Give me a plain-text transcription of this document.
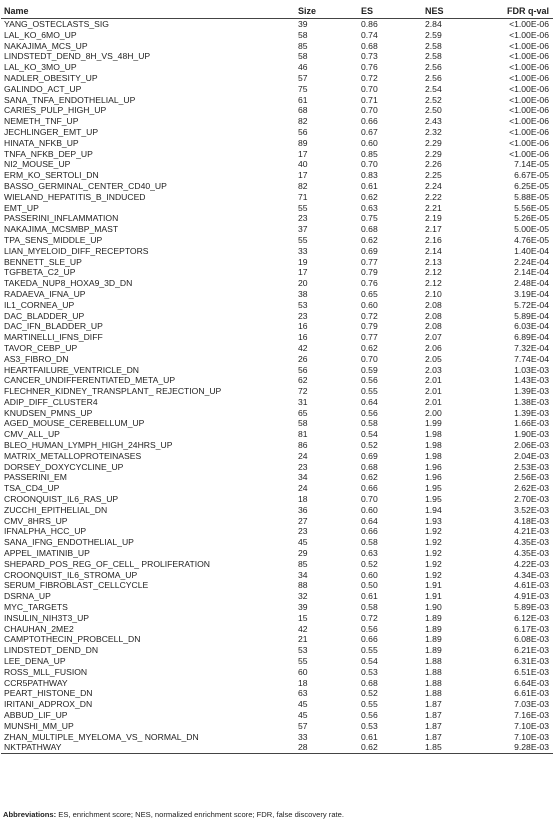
Name	Size	ES	NES	FDR q-val
YANG_OSTECLASTS_SIG	39	0.86	2.84	<1.00E-06
LAL_KO_6MO_UP	58	0.74	2.59	<1.00E-06
NAKAJIMA_MCS_UP	85	0.68	2.58	<1.00E-06
LINDSTEDT_DEND_8H_VS_48H_UP	58	0.73	2.58	<1.00E-06
LAL_KO_3MO_UP	46	0.76	2.56	<1.00E-06
NADLER_OBESITY_UP	57	0.72	2.56	<1.00E-06
GALINDO_ACT_UP	75	0.70	2.54	<1.00E-06
SANA_TNFA_ENDOTHELIAL_UP	61	0.71	2.52	<1.00E-06
CARIES_PULP_HIGH_UP	68	0.70	2.50	<1.00E-06
NEMETH_TNF_UP	82	0.66	2.43	<1.00E-06
JECHLINGER_EMT_UP	56	0.67	2.32	<1.00E-06
HINATA_NFKB_UP	89	0.60	2.29	<1.00E-06
TNFA_NFKB_DEP_UP	17	0.85	2.29	<1.00E-06
NI2_MOUSE_UP	40	0.70	2.26	7.14E-05
ERM_KO_SERTOLI_DN	17	0.83	2.25	6.67E-05
BASSO_GERMINAL_CENTER_CD40_UP	82	0.61	2.24	6.25E-05
WIELAND_HEPATITIS_B_INDUCED	71	0.62	2.22	5.88E-05
EMT_UP	55	0.63	2.21	5.56E-05
PASSERINI_INFLAMMATION	23	0.75	2.19	5.26E-05
NAKAJIMA_MCSMBP_MAST	37	0.68	2.17	5.00E-05
TPA_SENS_MIDDLE_UP	55	0.62	2.16	4.76E-05
LIAN_MYELOID_DIFF_RECEPTORS	33	0.69	2.14	1.40E-04
BENNETT_SLE_UP	19	0.77	2.13	2.24E-04
TGFBETA_C2_UP	17	0.79	2.12	2.14E-04
TAKEDA_NUP8_HOXA9_3D_DN	20	0.76	2.12	2.48E-04
RADAEVA_IFNA_UP	38	0.65	2.10	3.19E-04
IL1_CORNEA_UP	53	0.60	2.08	5.72E-04
DAC_BLADDER_UP	23	0.72	2.08	5.89E-04
DAC_IFN_BLADDER_UP	16	0.79	2.08	6.03E-04
MARTINELLI_IFNS_DIFF	16	0.77	2.07	6.89E-04
TAVOR_CEBP_UP	42	0.62	2.06	7.32E-04
AS3_FIBRO_DN	26	0.70	2.05	7.74E-04
HEARTFAILURE_VENTRICLE_DN	56	0.59	2.03	1.03E-03
CANCER_UNDIFFERENTIATED_META_UP	62	0.56	2.01	1.43E-03
FLECHNER_KIDNEY_TRANSPLANT_ REJECTION_UP	72	0.55	2.01	1.39E-03
ADIP_DIFF_CLUSTER4	31	0.64	2.01	1.38E-03
KNUDSEN_PMNS_UP	65	0.56	2.00	1.39E-03
AGED_MOUSE_CEREBELLUM_UP	58	0.58	1.99	1.66E-03
CMV_ALL_UP	81	0.54	1.98	1.90E-03
BLEO_HUMAN_LYMPH_HIGH_24HRS_UP	86	0.52	1.98	2.06E-03
MATRIX_METALLOPROTEINASES	24	0.69	1.98	2.04E-03
DORSEY_DOXYCYCLINE_UP	23	0.68	1.96	2.53E-03
PASSERINI_EM	34	0.62	1.96	2.56E-03
TSA_CD4_UP	24	0.66	1.95	2.62E-03
CROONQUIST_IL6_RAS_UP	18	0.70	1.95	2.70E-03
ZUCCHI_EPITHELIAL_DN	36	0.60	1.94	3.52E-03
CMV_8HRS_UP	27	0.64	1.93	4.18E-03
IFNALPHA_HCC_UP	23	0.66	1.92	4.21E-03
SANA_IFNG_ENDOTHELIAL_UP	45	0.58	1.92	4.35E-03
APPEL_IMATINIB_UP	29	0.63	1.92	4.35E-03
SHEPARD_POS_REG_OF_CELL_ PROLIFERATION	85	0.52	1.92	4.22E-03
CROONQUIST_IL6_STROMA_UP	34	0.60	1.92	4.34E-03
SERUM_FIBROBLAST_CELLCYCLE	88	0.50	1.91	4.61E-03
DSRNA_UP	32	0.61	1.91	4.91E-03
MYC_TARGETS	39	0.58	1.90	5.89E-03
INSULIN_NIH3T3_UP	15	0.72	1.89	6.12E-03
CHAUHAN_2ME2	42	0.56	1.89	6.17E-03
CAMPTOTHECIN_PROBCELL_DN	21	0.66	1.89	6.08E-03
LINDSTEDT_DEND_DN	53	0.55	1.89	6.21E-03
LEE_DENA_UP	55	0.54	1.88	6.31E-03
ROSS_MLL_FUSION	60	0.53	1.88	6.51E-03
CCR5PATHWAY	18	0.68	1.88	6.64E-03
PEART_HISTONE_DN	63	0.52	1.88	6.61E-03
IRITANI_ADPROX_DN	45	0.55	1.87	7.03E-03
ABBUD_LIF_UP	45	0.56	1.87	7.16E-03
MUNSHI_MM_UP	57	0.53	1.87	7.10E-03
ZHAN_MULTIPLE_MYELOMA_VS_ NORMAL_DN	33	0.61	1.87	7.10E-03
NKTPATHWAY	28	0.62	1.85	9.28E-03
Abbreviations: ES, enrichment score; NES, normalized enrichment score; FDR, false discovery rate.
